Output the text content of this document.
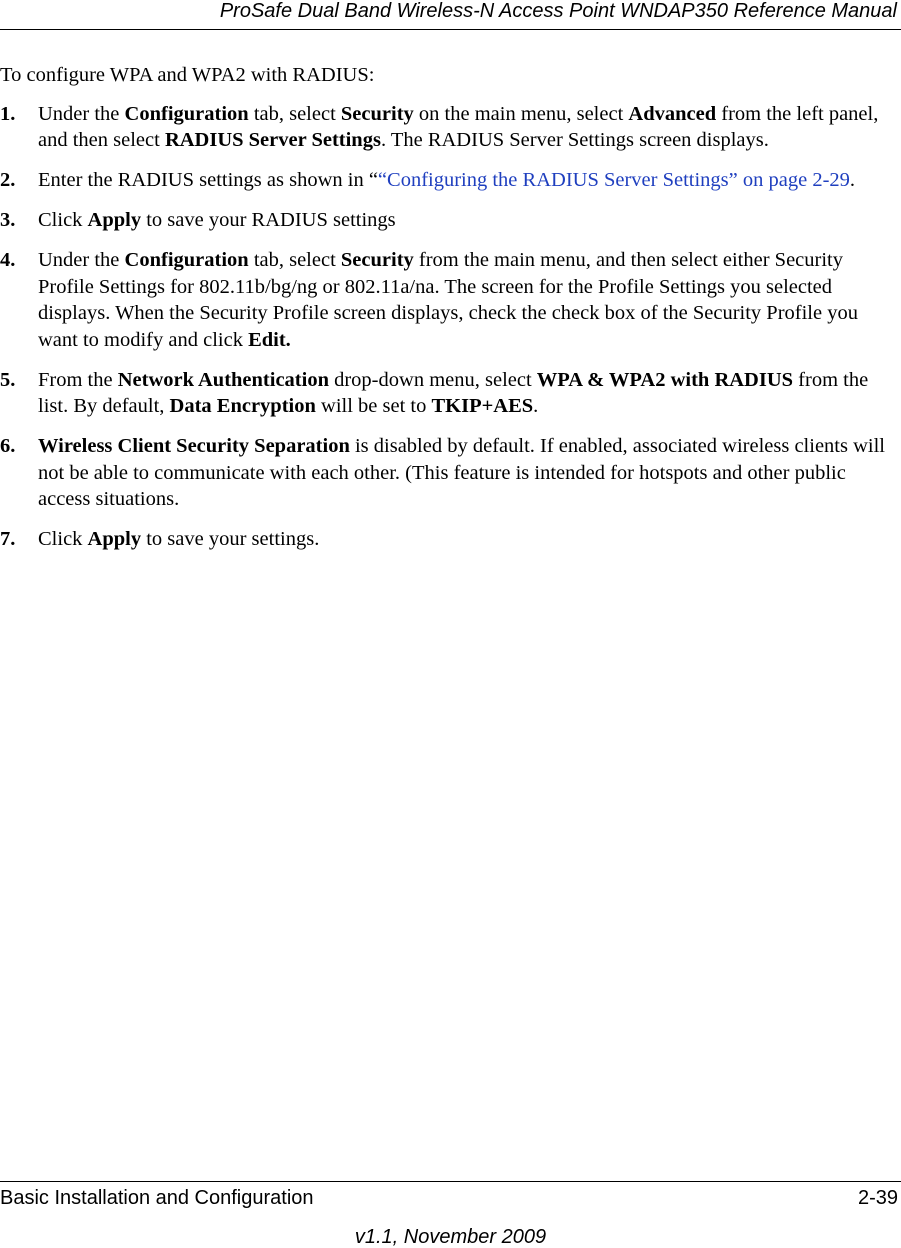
ProSafe Dual Band Wireless-N Access Point WNDAP350 Reference Manual

To configure WPA and WPA2 with RADIUS:

1. Under the Configuration tab, select Security on the main menu, select Advanced from the left panel, and then select RADIUS Server Settings. The RADIUS Server Settings screen displays.
2. Enter the RADIUS settings as shown in ““Configuring the RADIUS Server Settings” on page 2-29.
3. Click Apply to save your RADIUS settings
4. Under the Configuration tab, select Security from the main menu, and then select either Security Profile Settings for 802.11b/bg/ng or 802.11a/na. The screen for the Profile Settings you selected displays. When the Security Profile screen displays, check the check box of the Security Profile you want to modify and click Edit.
5. From the Network Authentication drop-down menu, select WPA & WPA2 with RADIUS from the list. By default, Data Encryption will be set to TKIP+AES.
6. Wireless Client Security Separation is disabled by default. If enabled, associated wireless clients will not be able to communicate with each other. (This feature is intended for hotspots and other public access situations.
7. Click Apply to save your settings.
Basic Installation and Configuration	2-39
v1.1, November 2009
